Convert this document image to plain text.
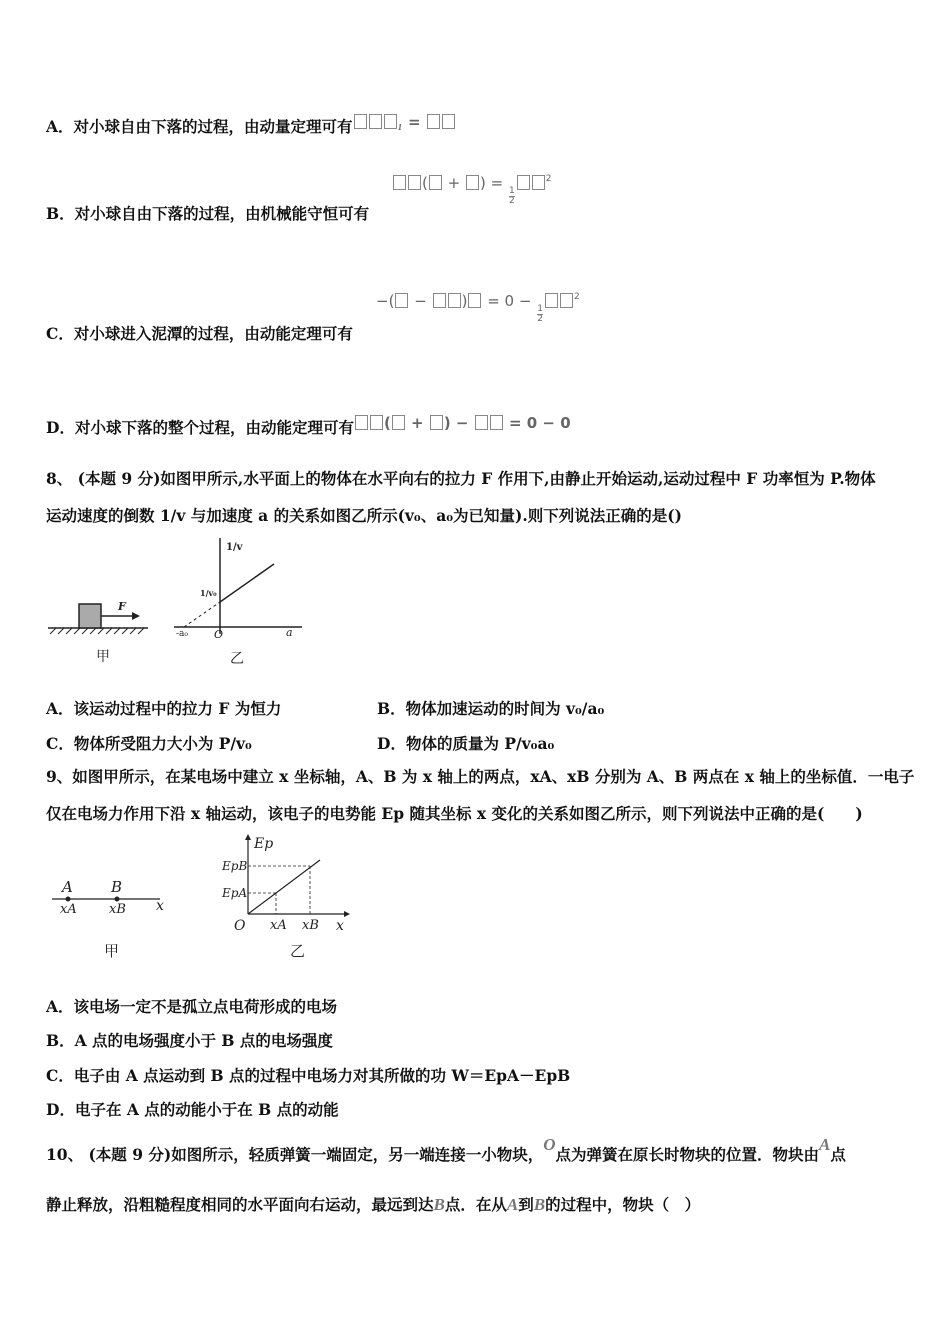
A．对小球自由下落的过程，由动量定理可有	₁ =
( + ) =
$\frac{1}{2}$
$^2$
B．对小球自由下落的过程，由机械能守恒可有
−( − ) = 0 −
$\frac{1}{2}$
$^2$
C．对小球进入泥潭的过程，由动能定理可有
D．对小球下落的整个过程，由动能定理可有 ( + ) −	= 0 − 0
8、 (本题 9 分)如图甲所示,水平面上的物体在水平向右的拉力 F 作用下,由静止开始运动,运动过程中 F 功率恒为 P.物体
运动速度的倒数 1/v 与加速度 a 的关系如图乙所示(v₀、a₀为已知量).则下列说法正确的是()
F
甲
1/v
1/v₀
-a₀ O	a
乙
A．该运动过程中的拉力 F 为恒力	B．物体加速运动的时间为 v₀/a₀
C．物体所受阻力大小为 P/v₀	D．物体的质量为 P/v₀a₀
9、如图甲所示，在某电场中建立 x 坐标轴，A、B 为 x 轴上的两点，xA、xB 分别为 A、B 两点在 x 轴上的坐标值．一电子
仅在电场力作用下沿 x 轴运动，该电子的电势能 Ep 随其坐标 x 变化的关系如图乙所示，则下列说法中正确的是(　　)
A	B
xA xB x
甲
Ep
EpB
EpA
O xA xB x
乙
A．该电场一定不是孤立点电荷形成的电场
B．A 点的电场强度小于 B 点的电场强度
C．电子由 A 点运动到 B 点的过程中电场力对其所做的功 W＝EpA－EpB
D．电子在 A 点的动能小于在 B 点的动能
10、 (本题 9 分)如图所示，轻质弹簧一端固定，另一端连接一小物块，O点为弹簧在原长时物块的位置．物块由A点
静止释放，沿粗糙程度相同的水平面向右运动，最远到达B点．在从A到B的过程中，物块（　）
